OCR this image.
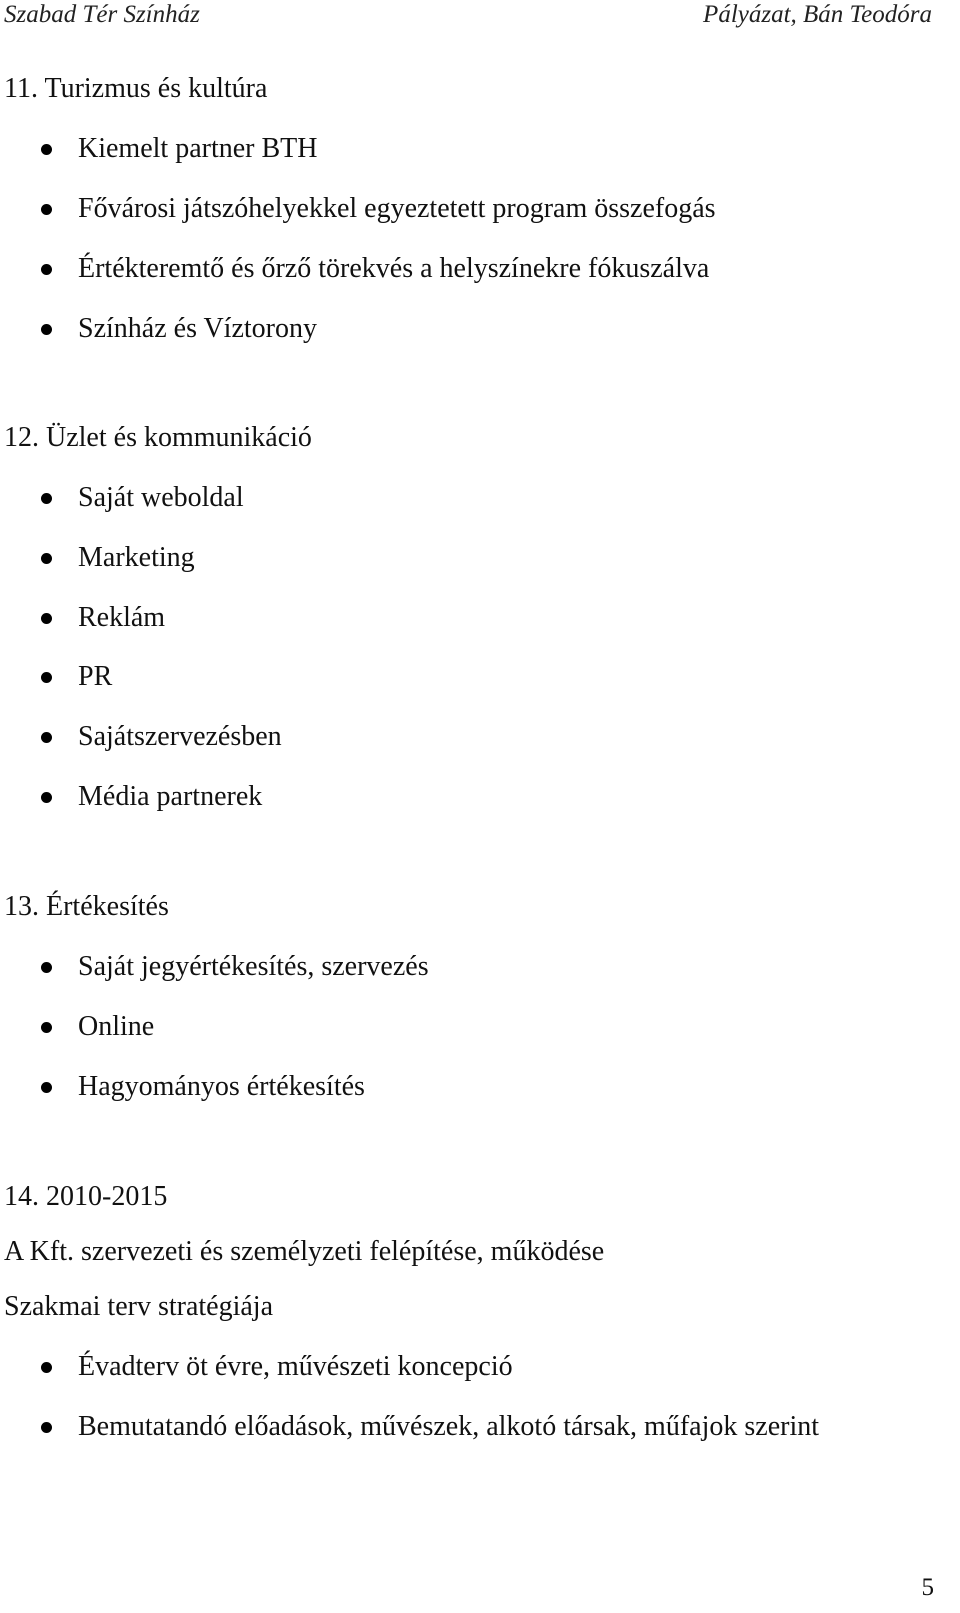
Szabad Tér Színház	Pályázat, Bán Teodóra
11. Turizmus és kultúra
Kiemelt partner BTH
Fővárosi játszóhelyekkel egyeztetett program összefogás
Értékteremtő és őrző törekvés a helyszínekre fókuszálva
Színház és Víztorony
12. Üzlet és kommunikáció
Saját weboldal
Marketing
Reklám
PR
Sajátszervezésben
Média partnerek
13. Értékesítés
Saját jegyértékesítés, szervezés
Online
Hagyományos értékesítés
14. 2010-2015
A Kft. szervezeti és személyzeti felépítése, működése
Szakmai terv stratégiája
Évadterv öt évre, művészeti koncepció
Bemutatandó előadások, művészek, alkotó társak, műfajok szerint
5
